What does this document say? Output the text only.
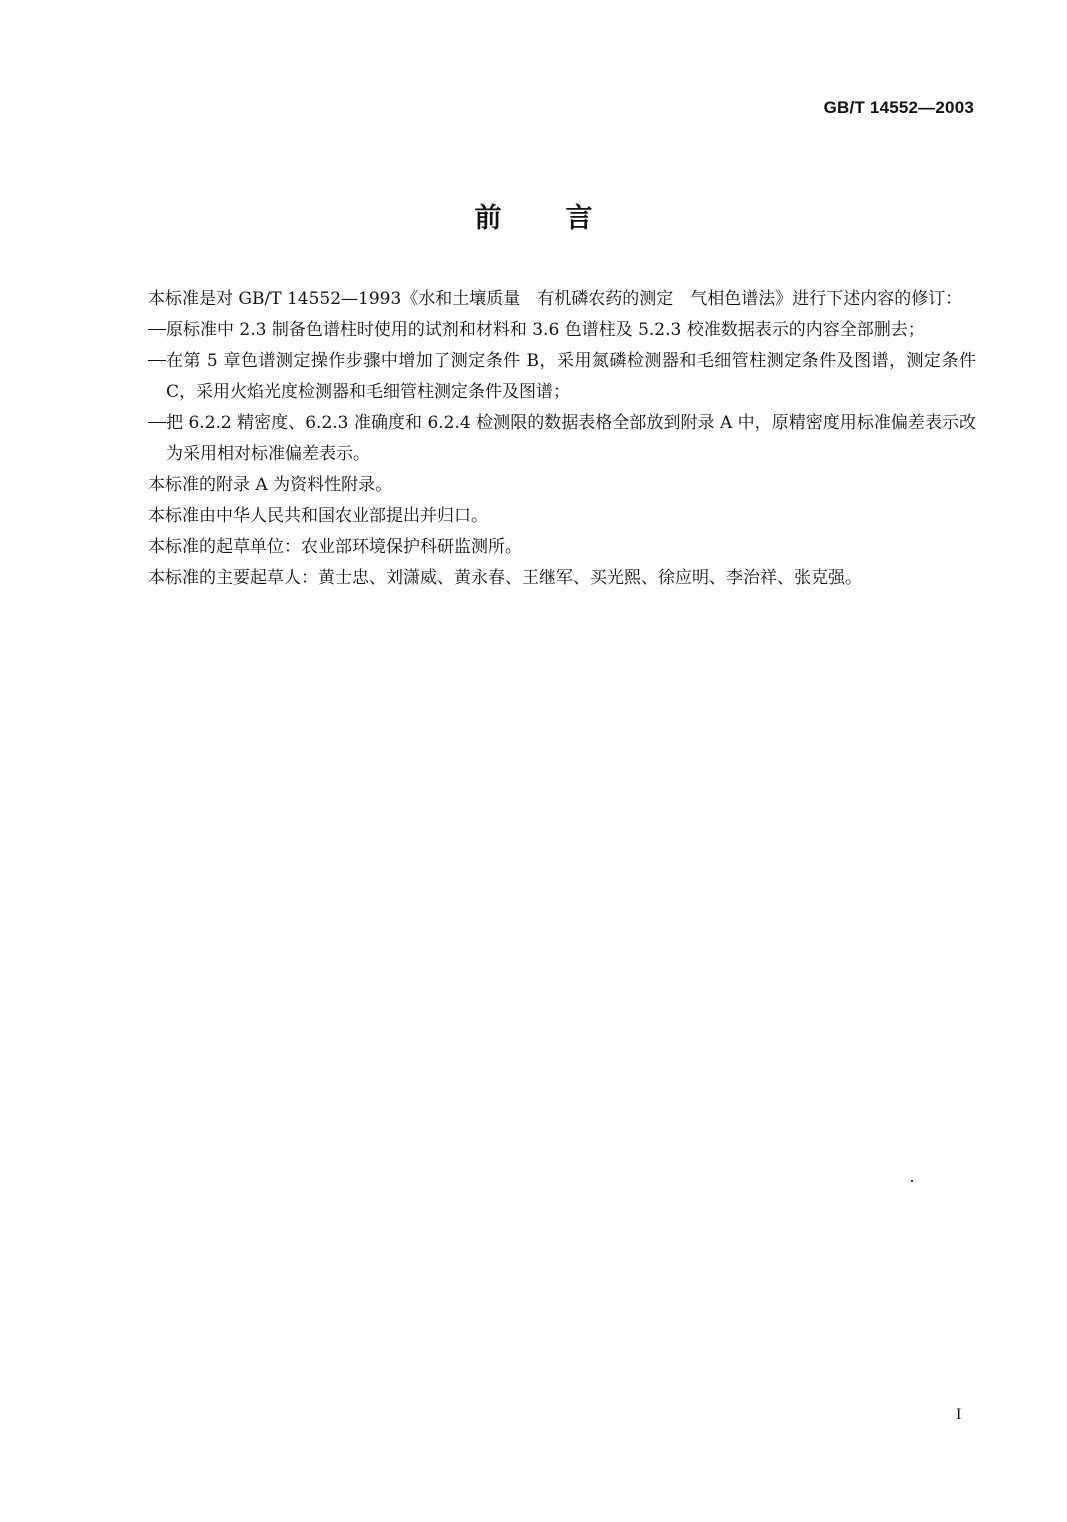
GB/T 14552—2003
前 言

本标准是对 GB/T 14552—1993《水和土壤质量　有机磷农药的测定　气相色谱法》进行下述内容的修订：

原标准中 2.3 制备色谱柱时使用的试剂和材料和 3.6 色谱柱及 5.2.3 校准数据表示的内容全部删去；

在第 5 章色谱测定操作步骤中增加了测定条件 B，采用氮磷检测器和毛细管柱测定条件及图谱，测定条件 C，采用火焰光度检测器和毛细管柱测定条件及图谱；

把 6.2.2 精密度、6.2.3 准确度和 6.2.4 检测限的数据表格全部放到附录 A 中，原精密度用标准偏差表示改为采用相对标准偏差表示。

本标准的附录 A 为资料性附录。

本标准由中华人民共和国农业部提出并归口。

本标准的起草单位：农业部环境保护科研监测所。

本标准的主要起草人：黄士忠、刘潇威、黄永春、王继军、买光熙、徐应明、李治祥、张克强。

I
